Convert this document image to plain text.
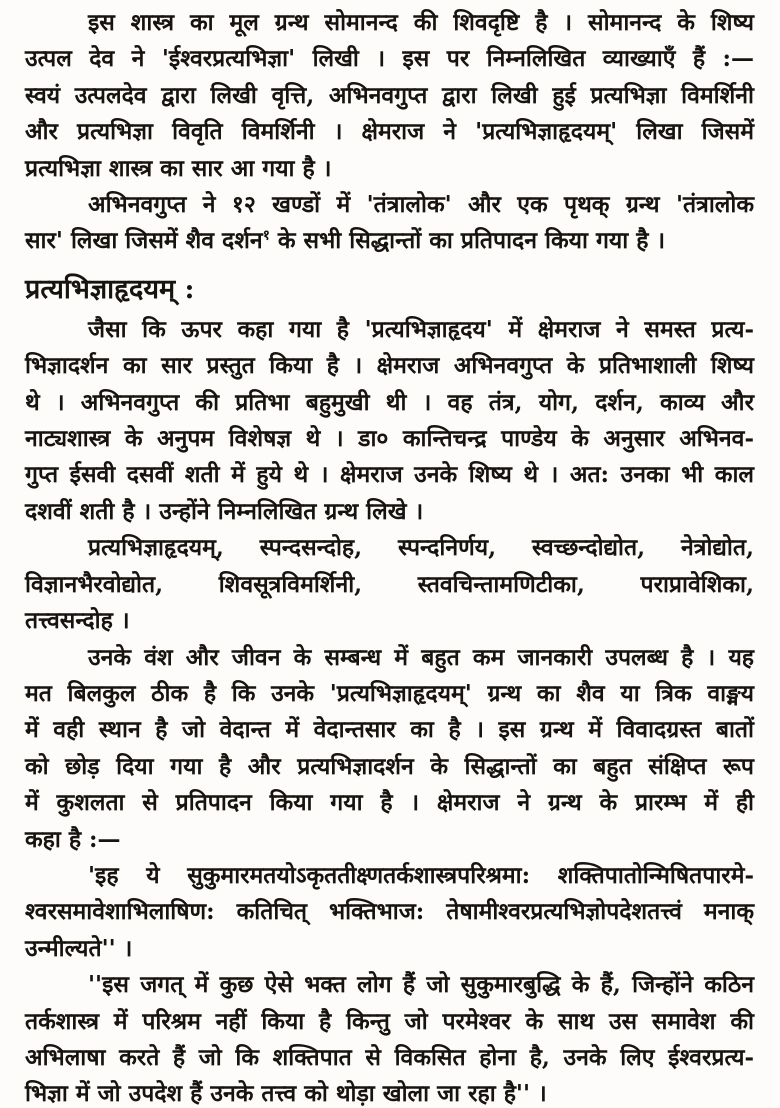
इस शास्त्र का मूल ग्रन्थ सोमानन्द की शिवदृष्टि है । सोमानन्द के शिष्य
उत्पल देव ने 'ईश्वरप्रत्यभिज्ञा' लिखी । इस पर निम्नलिखित व्याख्याएँ हैं :—
स्वयं उत्पलदेव द्वारा लिखी वृत्ति, अभिनवगुप्त द्वारा लिखी हुई प्रत्यभिज्ञा विमर्शिनी
और प्रत्यभिज्ञा विवृति विमर्शिनी । क्षेमराज ने 'प्रत्यभिज्ञाहृदयम्' लिखा जिसमें
प्रत्यभिज्ञा शास्त्र का सार आ गया है ।
अभिनवगुप्त ने १२ खण्डों में 'तंत्रालोक' और एक पृथक् ग्रन्थ 'तंत्रालोक
सार' लिखा जिसमें शैव दर्शन$^१$ के सभी सिद्धान्तों का प्रतिपादन किया गया है ।
प्रत्यभिज्ञाहृदयम् :
जैसा कि ऊपर कहा गया है 'प्रत्यभिज्ञाहृदय' में क्षेमराज ने समस्त प्रत्य-
भिज्ञादर्शन का सार प्रस्तुत किया है । क्षेमराज अभिनवगुप्त के प्रतिभाशाली शिष्य
थे । अभिनवगुप्त की प्रतिभा बहुमुखी थी । वह तंत्र, योग, दर्शन, काव्य और
नाट्यशास्त्र के अनुपम विशेषज्ञ थे । डा० कान्तिचन्द्र पाण्डेय के अनुसार अभिनव-
गुप्त ईसवी दसवीं शती में हुये थे । क्षेमराज उनके शिष्य थे । अत: उनका भी काल
दशवीं शती है । उन्होंने निम्नलिखित ग्रन्थ लिखे ।
प्रत्यभिज्ञाहृदयम्, स्पन्दसन्दोह, स्पन्दनिर्णय, स्वच्छन्दोद्योत, नेत्रोद्योत,
विज्ञानभैरवोद्योत, शिवसूत्रविमर्शिनी, स्तवचिन्तामणिटीका, पराप्रावेशिका,
तत्त्वसन्दोह ।
उनके वंश और जीवन के सम्बन्ध में बहुत कम जानकारी उपलब्ध है । यह
मत बिलकुल ठीक है कि उनके 'प्रत्यभिज्ञाहृदयम्' ग्रन्थ का शैव या त्रिक वाङ्मय
में वही स्थान है जो वेदान्त में वेदान्तसार का है । इस ग्रन्थ में विवादग्रस्त बातों
को छोड़ दिया गया है और प्रत्यभिज्ञादर्शन के सिद्धान्तों का बहुत संक्षिप्त रूप
में कुशलता से प्रतिपादन किया गया है । क्षेमराज ने ग्रन्थ के प्रारम्भ में ही
कहा है :—
'इह ये सुकुमारमतयोऽकृततीक्ष्णतर्कशास्त्रपरिश्रमा: शक्तिपातोन्मिषितपारमे-
श्वरसमावेशाभिलाषिण: कतिचित् भक्तिभाज: तेषामीश्वरप्रत्यभिज्ञोपदेशतत्त्वं मनाक्
उन्मील्यते'' ।
''इस जगत् में कुछ ऐसे भक्त लोग हैं जो सुकुमारबुद्धि के हैं, जिन्होंने कठिन
तर्कशास्त्र में परिश्रम नहीं किया है किन्तु जो परमेश्वर के साथ उस समावेश की
अभिलाषा करते हैं जो कि शक्तिपात से विकसित होना है, उनके लिए ईश्वरप्रत्य-
भिज्ञा में जो उपदेश हैं उनके तत्त्व को थोड़ा खोला जा रहा है'' ।
